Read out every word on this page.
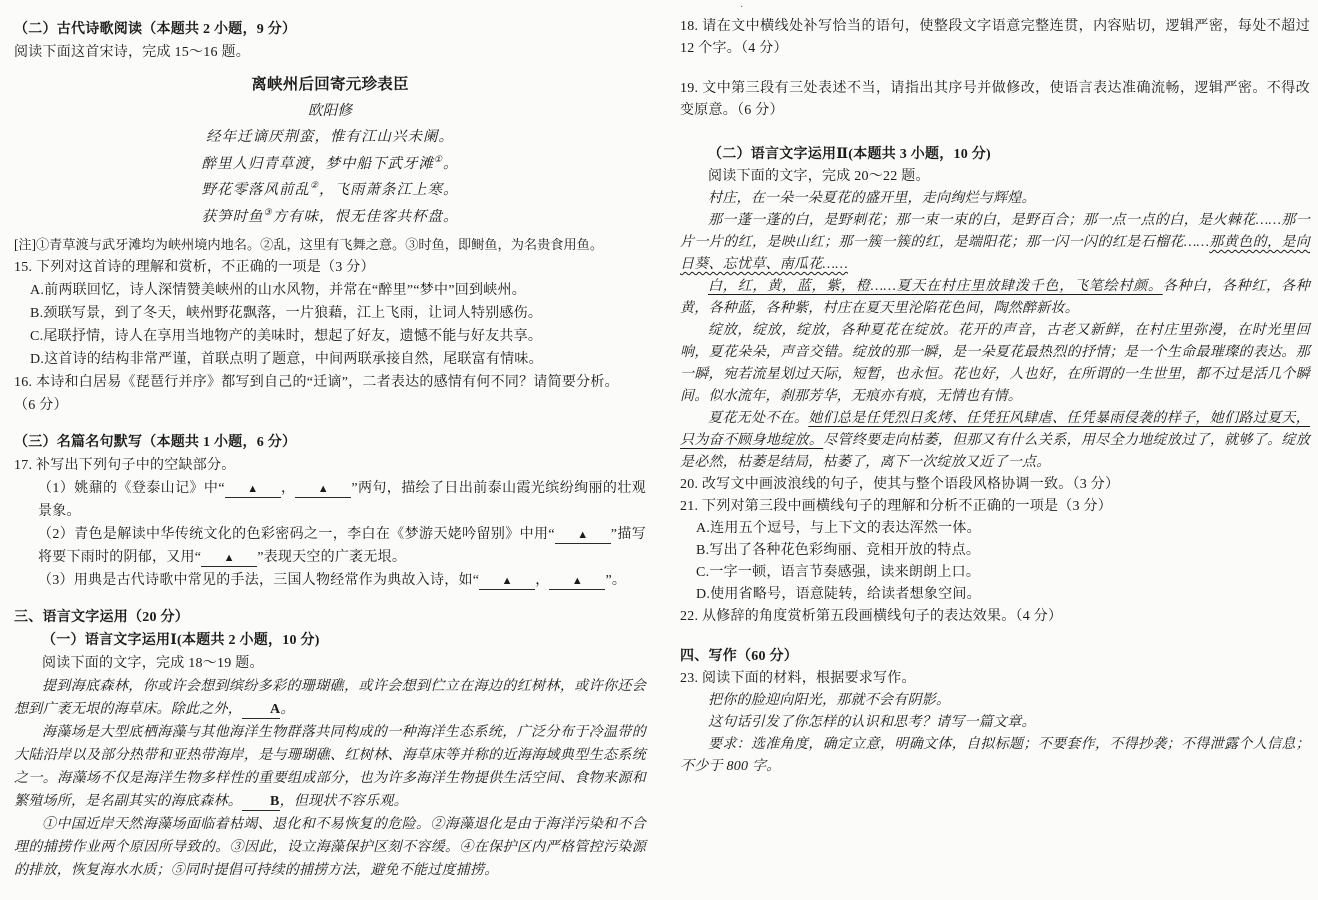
·

（二）古代诗歌阅读（本题共 2 小题，9 分）

阅读下面这首宋诗，完成 15～16 题。

离峡州后回寄元珍表臣

欧阳修

经年迁谪厌荆蛮，惟有江山兴未阑。

醉里人归青草渡，梦中船下武牙滩①。

野花零落风前乱②，飞雨萧条江上寒。

获笋时鱼③方有味，恨无佳客共杯盘。

[注]①青草渡与武牙滩均为峡州境内地名。②乱，这里有飞舞之意。③时鱼，即鲥鱼，为名贵食用鱼。

15. 下列对这首诗的理解和赏析，不正确的一项是（3 分）

A.前两联回忆，诗人深情赞美峡州的山水风物，并常在“醉里”“梦中”回到峡州。

B.颈联写景，到了冬天，峡州野花飘落，一片狼藉，江上飞雨，让词人特别感伤。

C.尾联抒情，诗人在享用当地物产的美味时，想起了好友，遗憾不能与好友共享。

D.这首诗的结构非常严谨，首联点明了题意，中间两联承接自然，尾联富有情味。

16. 本诗和白居易《琵琶行并序》都写到自己的“迁谪”，二者表达的感情有何不同？请简要分析。

（6 分）

（三）名篇名句默写（本题共 1 小题，6 分）

17. 补写出下列句子中的空缺部分。

（1）姚鼐的《登泰山记》中“ ▲ ， ▲ ”两句，描绘了日出前泰山霞光缤纷绚丽的壮观景象。

（2）青色是解读中华传统文化的色彩密码之一，李白在《梦游天姥吟留别》中用“ ▲ ”描写将要下雨时的阴郁，又用“ ▲ ”表现天空的广袤无垠。

（3）用典是古代诗歌中常见的手法，三国人物经常作为典故入诗，如“ ▲ ， ▲ ”。

三、语言文字运用（20 分）

（一）语言文字运用Ⅰ(本题共 2 小题，10 分)

阅读下面的文字，完成 18～19 题。

提到海底森林，你或许会想到缤纷多彩的珊瑚礁，或许会想到伫立在海边的红树林，或许你还会想到广袤无垠的海草床。除此之外， A。

海藻场是大型底栖海藻与其他海洋生物群落共同构成的一种海洋生态系统，广泛分布于冷温带的大陆沿岸以及部分热带和亚热带海岸，是与珊瑚礁、红树林、海草床等并称的近海海域典型生态系统之一。海藻场不仅是海洋生物多样性的重要组成部分，也为许多海洋生物提供生活空间、食物来源和繁殖场所，是名副其实的海底森林。 B，但现状不容乐观。

①中国近岸天然海藻场面临着枯竭、退化和不易恢复的危险。②海藻退化是由于海洋污染和不合理的捕捞作业两个原因所导致的。③因此，设立海藻保护区刻不容缓。④在保护区内严格管控污染源的排放，恢复海水水质；⑤同时提倡可持续的捕捞方法，避免不能过度捕捞。

18. 请在文中横线处补写恰当的语句，使整段文字语意完整连贯，内容贴切，逻辑严密，每处不超过 12 个字。（4 分）

19. 文中第三段有三处表述不当，请指出其序号并做修改，使语言表达准确流畅，逻辑严密。不得改变原意。（6 分）

（二）语言文字运用Ⅱ(本题共 3 小题，10 分)

阅读下面的文字，完成 20～22 题。

村庄，在一朵一朵夏花的盛开里，走向绚烂与辉煌。

那一蓬一蓬的白，是野刺花；那一束一束的白，是野百合；那一点一点的白，是火棘花……那一片一片的红，是映山红；那一簇一簇的红，是端阳花；那一闪一闪的红是石榴花……那黄色的，是向日葵、忘忧草、南瓜花……

白，红，黄，蓝，紫，橙……夏天在村庄里放肆泼千色，飞笔绘村颜。各种白，各种红，各种黄，各种蓝，各种紫，村庄在夏天里沦陷花色间，陶然醉新妆。

绽放，绽放，绽放，各种夏花在绽放。花开的声音，古老又新鲜，在村庄里弥漫，在时光里回响，夏花朵朵，声音交错。绽放的那一瞬，是一朵夏花最热烈的抒情；是一个生命最璀璨的表达。那一瞬，宛若流星划过天际，短暂，也永恒。花也好，人也好，在所谓的一生世里，都不过是活几个瞬间。似水流年，刹那芳华，无痕亦有痕，无情也有情。

夏花无处不在。她们总是任凭烈日炙烤、任凭狂风肆虐、任凭暴雨侵袭的样子，她们路过夏天，只为奋不顾身地绽放。尽管终要走向枯萎，但那又有什么关系，用尽全力地绽放过了，就够了。绽放是必然，枯萎是结局，枯萎了，离下一次绽放又近了一点。

20. 改写文中画波浪线的句子，使其与整个语段风格协调一致。（3 分）

21. 下列对第三段中画横线句子的理解和分析不正确的一项是（3 分）

A.连用五个逗号，与上下文的表达浑然一体。

B.写出了各种花色彩绚丽、竞相开放的特点。

C.一字一顿，语言节奏感强，读来朗朗上口。

D.使用省略号，语意陡转，给读者想象空间。

22. 从修辞的角度赏析第五段画横线句子的表达效果。（4 分）

四、写作（60 分）

23. 阅读下面的材料，根据要求写作。

把你的脸迎向阳光，那就不会有阴影。

这句话引发了你怎样的认识和思考？请写一篇文章。

要求：选准角度，确定立意，明确文体，自拟标题；不要套作，不得抄袭；不得泄露个人信息；不少于 800 字。
